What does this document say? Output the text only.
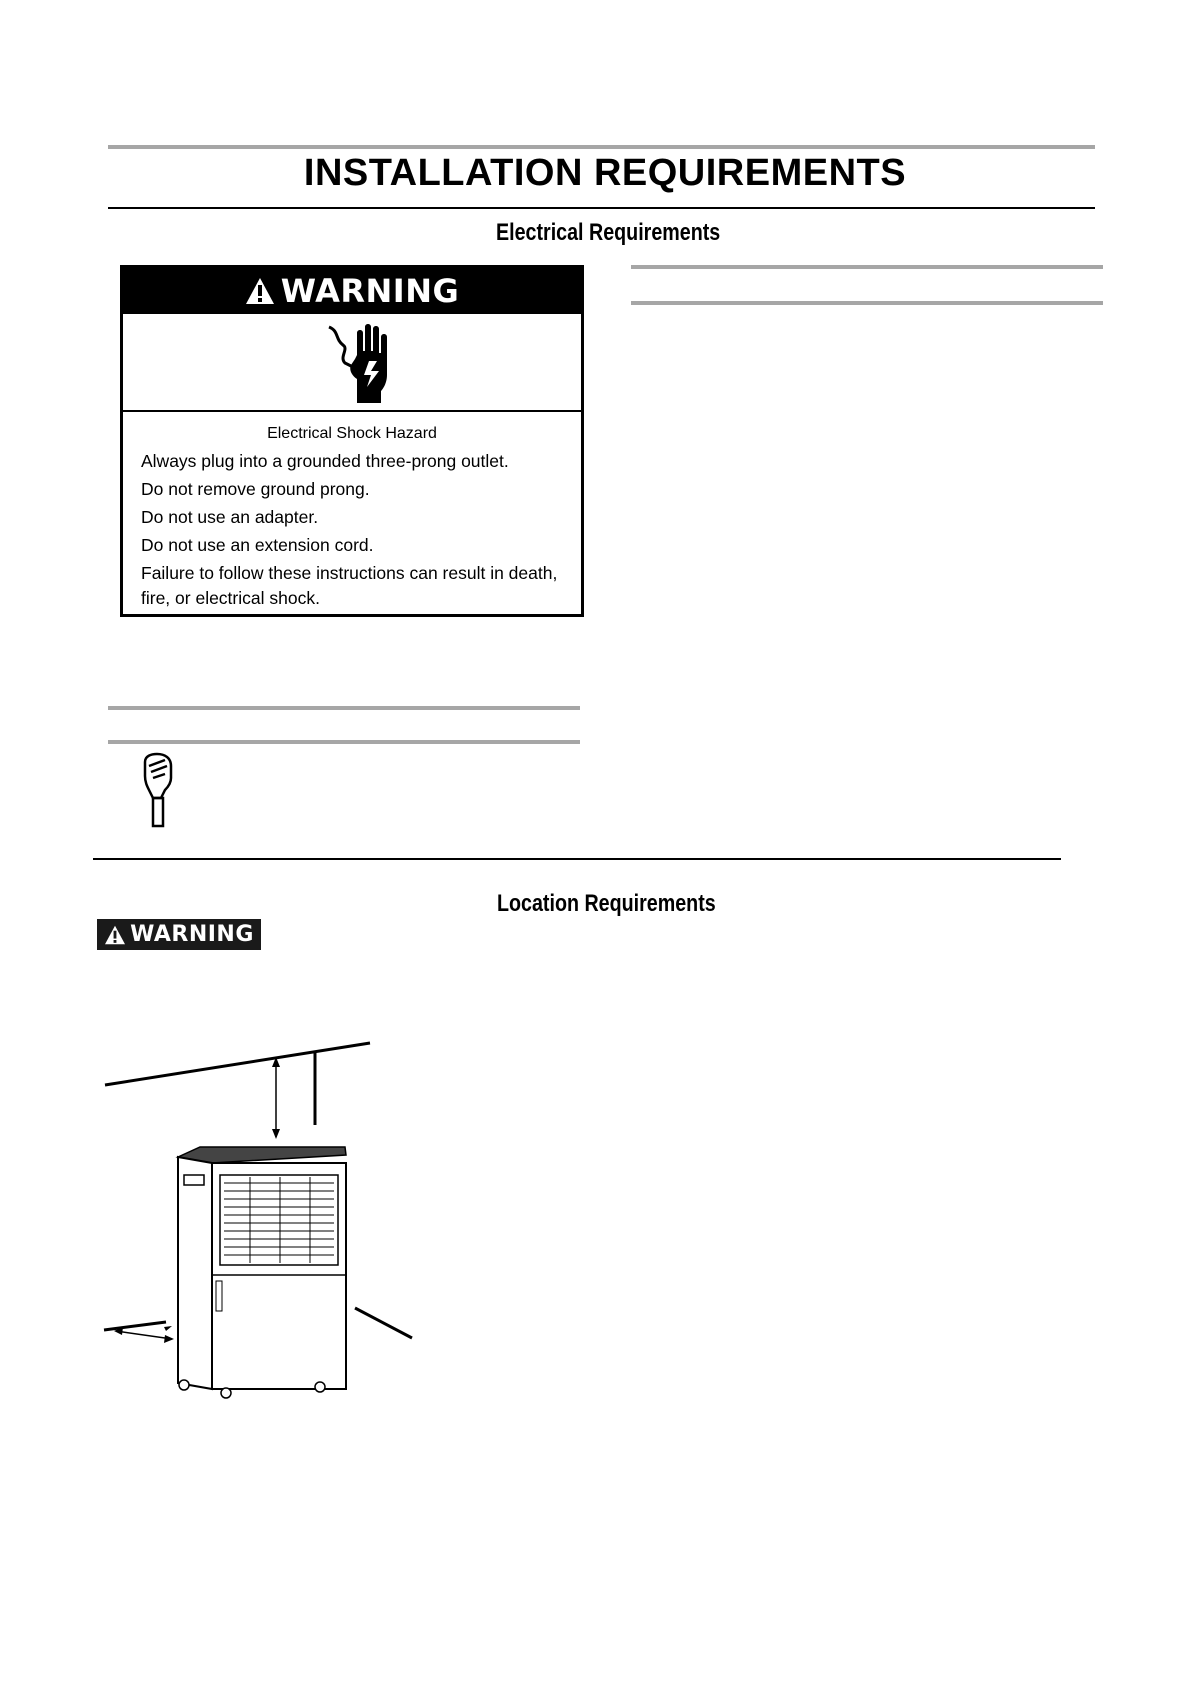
INSTALLATION REQUIREMENTS
Electrical Requirements
WARNING
Electrical Shock Hazard
Always plug into a grounded three-prong outlet.
Do not remove ground prong.
Do not use an adapter.
Do not use an extension cord.
Failure to follow these instructions can result in death,
fire, or electrical shock.
Location Requirements
WARNING
